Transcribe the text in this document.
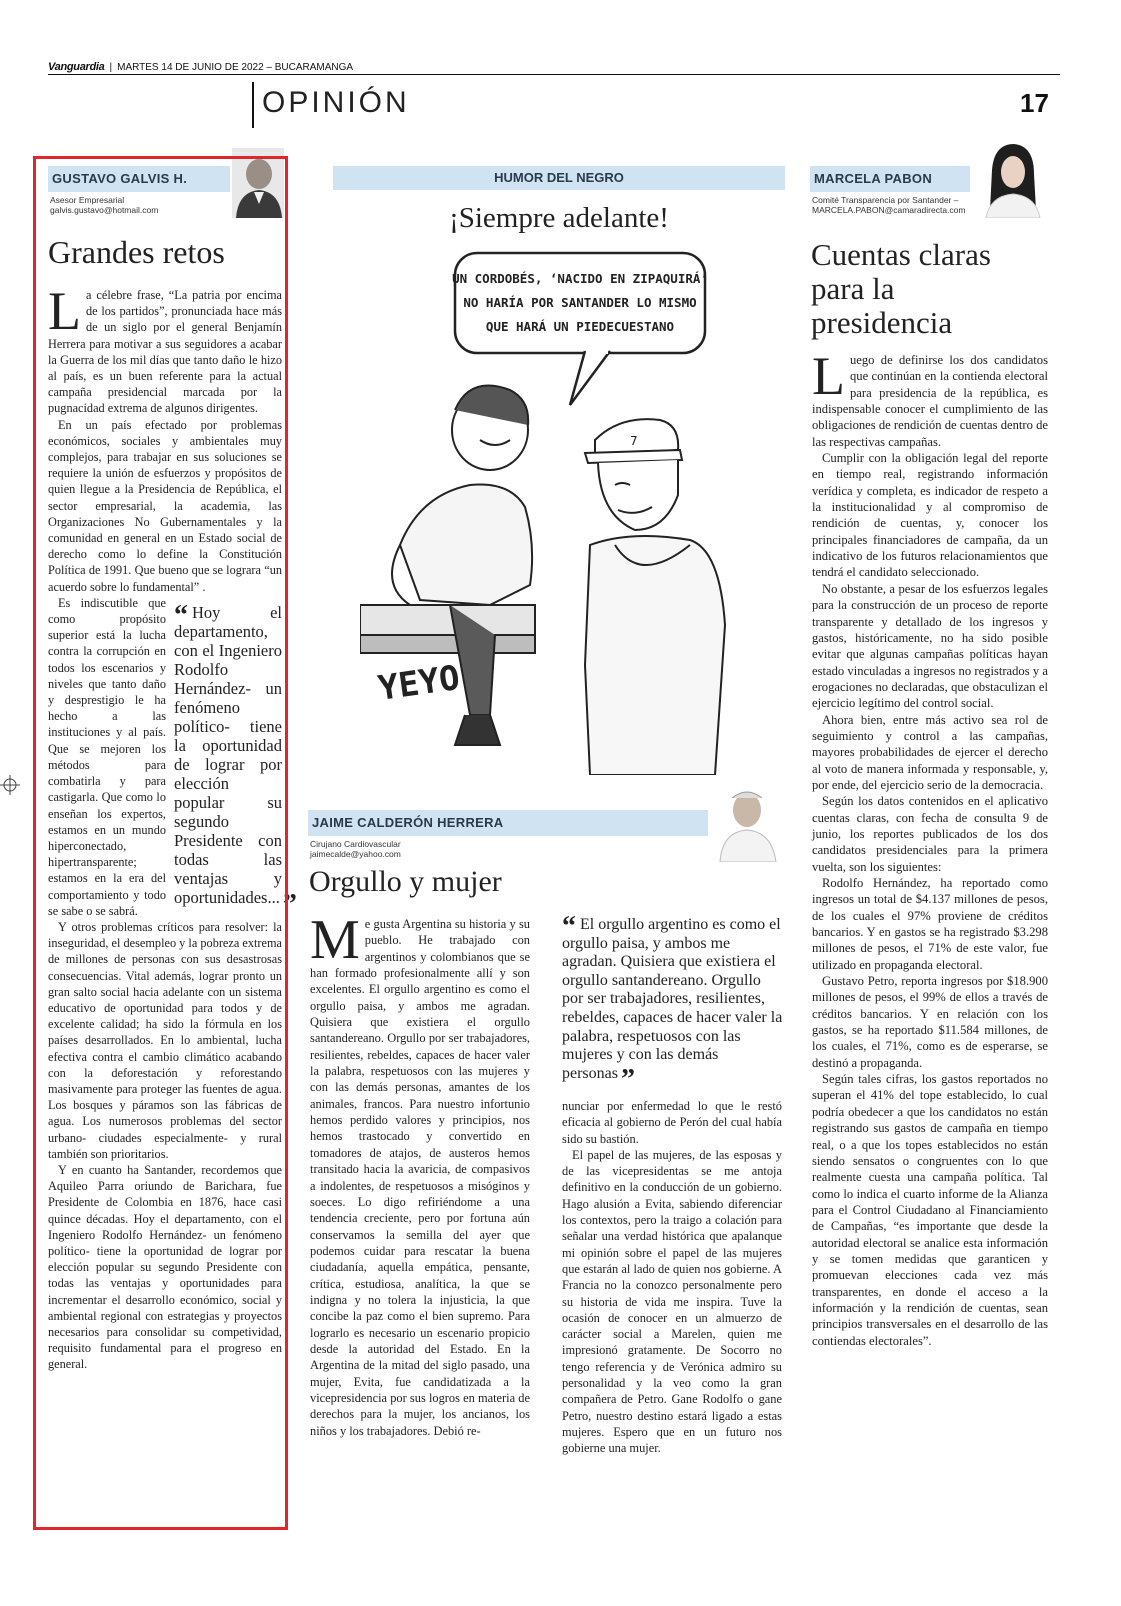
Vanguardia | MARTES 14 DE JUNIO DE 2022 – BUCARAMANGA
OPINIÓN	17
GUSTAVO GALVIS H.
Asesor Empresarial
galvis.gustavo@hotmail.com
Grandes retos
L a célebre frase, “La patria por encima de los partidos”, pronunciada hace más de un siglo por el general Benjamín Herrera para motivar a sus seguidores a acabar la Guerra de los mil días que tanto daño le hizo al país, es un buen referente para la actual campaña presidencial marcada por la pugnacidad extrema de algunos dirigentes.

En un país efectado por problemas económicos, sociales y ambientales muy complejos, para trabajar en sus soluciones se requiere la unión de esfuerzos y propósitos de quien llegue a la Presidencia de República, el sector empresarial, la academia, las Organizaciones No Gubernamentales y la comunidad en general en un Estado social de derecho como lo define la Constitución Política de 1991. Que bueno que se lograra “un acuerdo sobre lo fundamental” .

“ Hoy el departamento, con el Ingeniero Rodolfo Hernández- un fenómeno político- tiene la oportunidad de lograr por elección popular su segundo Presidente con todas las ventajas y oportunidades... ”

Es indiscutible que como propósito superior está la lucha contra la corrupción en todos los escenarios y niveles que tanto daño y desprestigio le ha hecho a las instituciones y al país. Que se mejoren los métodos para combatirla y para castigarla. Que como lo enseñan los expertos, estamos en un mundo hiperconectado, hipertransparente; estamos en la era del comportamiento y todo se sabe o se sabrá.

Y otros problemas críticos para resolver: la inseguridad, el desempleo y la pobreza extrema de millones de personas con sus desastrosas consecuencias. Vital además, lograr pronto un gran salto social hacia adelante con un sistema educativo de oportunidad para todos y de excelente calidad; ha sido la fórmula en los países desarrollados. En lo ambiental, lucha efectiva contra el cambio climático acabando con la deforestación y reforestando masivamente para proteger las fuentes de agua. Los bosques y páramos son las fábricas de agua. Los numerosos problemas del sector urbano- ciudades especialmente- y rural también son prioritarios.

Y en cuanto ha Santander, recordemos que Aquileo Parra oriundo de Barichara, fue Presidente de Colombia en 1876, hace casi quince décadas. Hoy el departamento, con el Ingeniero Rodolfo Hernández- un fenómeno político- tiene la oportunidad de lograr por elección popular su segundo Presidente con todas las ventajas y oportunidades para incrementar el desarrollo económico, social y ambiental regional con estrategias y proyectos necesarios para consolidar su competividad, requisito fundamental para el progreso en general.

HUMOR DEL NEGRO
¡Siempre adelante!
UN CORDOBÉS, ‘NACIDO EN ZIPAQUIRÁ’
NO HARÍA POR SANTANDER LO MISMO
QUE HARÁ UN PIEDECUESTANO
7
YEYO
JAIME CALDERÓN HERRERA
Cirujano Cardiovascular
jaimecalde@yahoo.com
Orgullo y mujer
M e gusta Argentina su historia y su pueblo. He trabajado con argentinos y colombianos que se han formado profesionalmente allí y son excelentes. El orgullo argentino es como el orgullo paisa, y ambos me agradan. Quisiera que existiera el orgullo santandereano. Orgullo por ser trabajadores, resilientes, rebeldes, capaces de hacer valer la palabra, respetuosos con las mujeres y con las demás personas, amantes de los animales, francos. Para nuestro infortunio hemos perdido valores y principios, nos hemos trastocado y convertido en tomadores de atajos, de austeros hemos transitado hacia la avaricia, de compasivos a indolentes, de respetuosos a misóginos y soeces. Lo digo refiriéndome a una tendencia creciente, pero por fortuna aún conservamos la semilla del ayer que podemos cuidar para rescatar la buena ciudadanía, aquella empática, pensante, crítica, estudiosa, analítica, la que se indigna y no tolera la injusticia, la que concibe la paz como el bien supremo. Para lograrlo es necesario un escenario propicio desde la autoridad del Estado. En la Argentina de la mitad del siglo pasado, una mujer, Evita, fue candidatizada a la vicepresidencia por sus logros en materia de derechos para la mujer, los ancianos, los niños y los trabajadores. Debió re-

“ El orgullo argentino es como el orgullo paisa, y ambos me agradan. Quisiera que existiera el orgullo santandereano. Orgullo por ser trabajadores, resilientes, rebeldes, capaces de hacer valer la palabra, respetuosos con las mujeres y con las demás personas ”

nunciar por enfermedad lo que le restó eficacia al gobierno de Perón del cual había sido su bastión.

El papel de las mujeres, de las esposas y de las vicepresidentas se me antoja definitivo en la conducción de un gobierno. Hago alusión a Evita, sabiendo diferenciar los contextos, pero la traigo a colación para señalar una verdad histórica que apalanque mi opinión sobre el papel de las mujeres que estarán al lado de quien nos gobierne. A Francia no la conozco personalmente pero su historia de vida me inspira. Tuve la ocasión de conocer en un almuerzo de carácter social a Marelen, quien me impresionó gratamente. De Socorro no tengo referencia y de Verónica admiro su personalidad y la veo como la gran compañera de Petro. Gane Rodolfo o gane Petro, nuestro destino estará ligado a estas mujeres. Espero que en un futuro nos gobierne una mujer.

MARCELA PABON
Comité Transparencia por Santander –
MARCELA.PABON@camaradirecta.com
Cuentas claras para la presidencia
L uego de definirse los dos candidatos que continúan en la contienda electoral para presidencia de la república, es indispensable conocer el cumplimiento de las obligaciones de rendición de cuentas dentro de las respectivas campañas.

Cumplir con la obligación legal del reporte en tiempo real, registrando información verídica y completa, es indicador de respeto a la institucionalidad y al compromiso de rendición de cuentas, y, conocer los principales financiadores de campaña, da un indicativo de los futuros relacionamientos que tendrá el candidato seleccionado.

No obstante, a pesar de los esfuerzos legales para la construcción de un proceso de reporte transparente y detallado de los ingresos y gastos, históricamente, no ha sido posible evitar que algunas campañas políticas hayan estado vinculadas a ingresos no registrados y a erogaciones no declaradas, que obstaculizan el ejercicio legítimo del control social.

Ahora bien, entre más activo sea rol de seguimiento y control a las campañas, mayores probabilidades de ejercer el derecho al voto de manera informada y responsable, y, por ende, del ejercicio serio de la democracia.

Según los datos contenidos en el aplicativo cuentas claras, con fecha de consulta 9 de junio, los reportes publicados de los dos candidatos presidenciales para la primera vuelta, son los siguientes:

Rodolfo Hernández, ha reportado como ingresos un total de $4.137 millones de pesos, de los cuales el 97% proviene de créditos bancarios. Y en gastos se ha registrado $3.298 millones de pesos, el 71% de este valor, fue utilizado en propaganda electoral.

Gustavo Petro, reporta ingresos por $18.900 millones de pesos, el 99% de ellos a través de créditos bancarios. Y en relación con los gastos, se ha reportado $11.584 millones, de los cuales, el 71%, como es de esperarse, se destinó a propaganda.

Según tales cifras, los gastos reportados no superan el 41% del tope establecido, lo cual podría obedecer a que los candidatos no están registrando sus gastos de campaña en tiempo real, o a que los topes establecidos no están siendo sensatos o congruentes con lo que realmente cuesta una campaña política. Tal como lo indica el cuarto informe de la Alianza para el Control Ciudadano al Financiamiento de Campañas, “es importante que desde la autoridad electoral se analice esta información y se tomen medidas que garanticen y promuevan elecciones cada vez más transparentes, en donde el acceso a la información y la rendición de cuentas, sean principios transversales en el desarrollo de las contiendas electorales”.
